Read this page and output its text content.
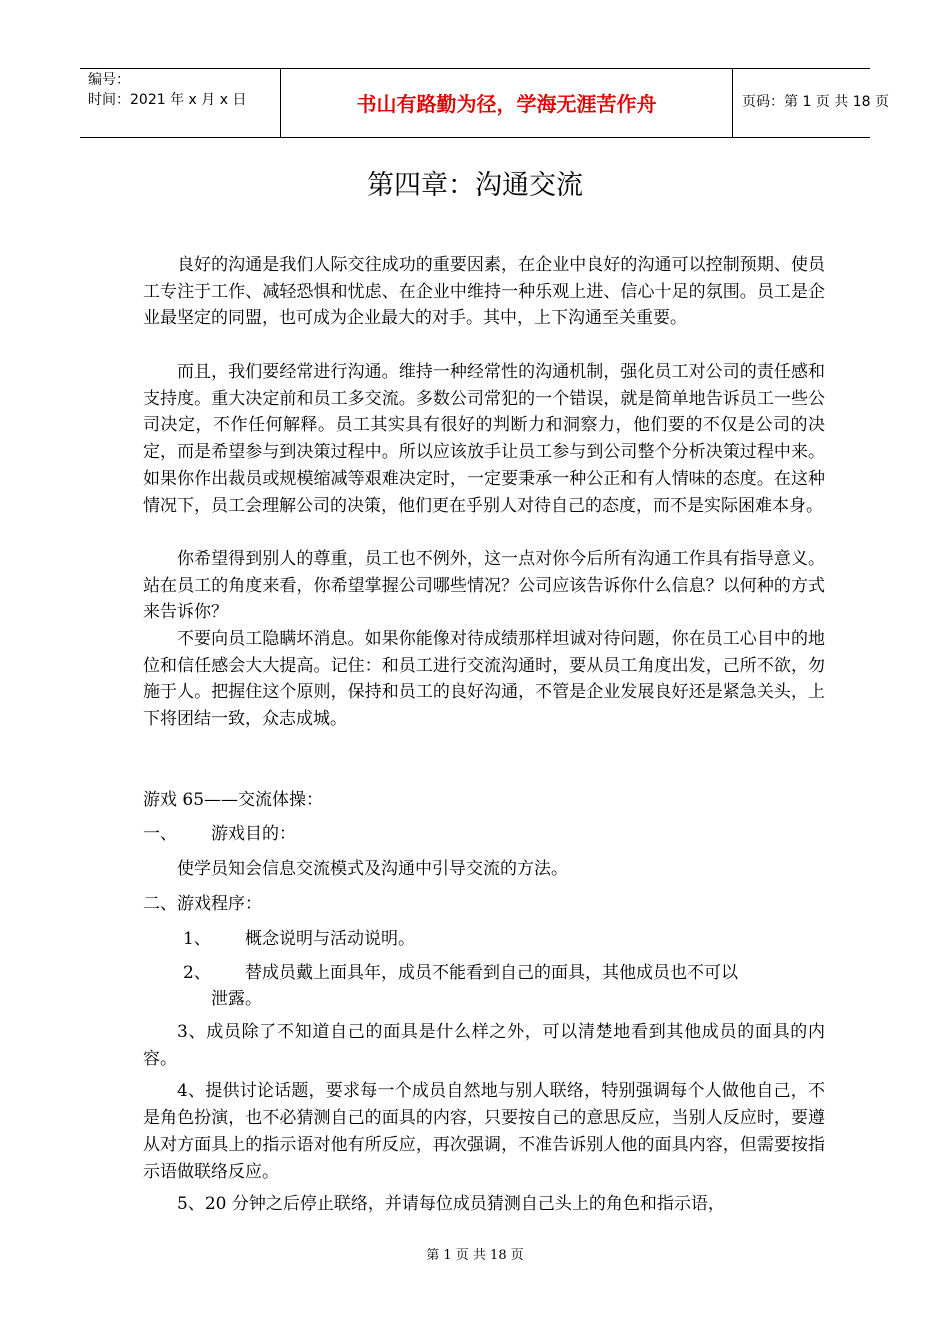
编号：
时间：2021 年 x 月 x 日	书山有路勤为径，学海无涯苦作舟	页码：第 1 页 共 18 页
第四章：沟通交流

良好的沟通是我们人际交往成功的重要因素，在企业中良好的沟通可以控制预期、使员工专注于工作、减轻恐惧和忧虑、在企业中维持一种乐观上进、信心十足的氛围。员工是企业最坚定的同盟，也可成为企业最大的对手。其中，上下沟通至关重要。

而且，我们要经常进行沟通。维持一种经常性的沟通机制，强化员工对公司的责任感和支持度。重大决定前和员工多交流。多数公司常犯的一个错误，就是简单地告诉员工一些公司决定，不作任何解释。员工其实具有很好的判断力和洞察力，他们要的不仅是公司的决定，而是希望参与到决策过程中。所以应该放手让员工参与到公司整个分析决策过程中来。如果你作出裁员或规模缩减等艰难决定时，一定要秉承一种公正和有人情味的态度。在这种情况下，员工会理解公司的决策，他们更在乎别人对待自己的态度，而不是实际困难本身。

你希望得到别人的尊重，员工也不例外，这一点对你今后所有沟通工作具有指导意义。站在员工的角度来看，你希望掌握公司哪些情况？公司应该告诉你什么信息？以何种的方式来告诉你？

不要向员工隐瞒坏消息。如果你能像对待成绩那样坦诚对待问题，你在员工心目中的地位和信任感会大大提高。记住：和员工进行交流沟通时，要从员工角度出发，己所不欲，勿施于人。把握住这个原则，保持和员工的良好沟通，不管是企业发展良好还是紧急关头，上下将团结一致，众志成城。

游戏 65——交流体操：
一、 游戏目的：
使学员知会信息交流模式及沟通中引导交流的方法。
二、游戏程序：
1、 概念说明与活动说明。
2、 替成员戴上面具年，成员不能看到自己的面具，其他成员也不可以
泄露。

3、成员除了不知道自己的面具是什么样之外，可以清楚地看到其他成员的面具的内容。

4、提供讨论话题，要求每一个成员自然地与别人联络，特别强调每个人做他自己，不是角色扮演，也不必猜测自己的面具的内容，只要按自己的意思反应，当别人反应时，要遵从对方面具上的指示语对他有所反应，再次强调，不准告诉别人他的面具内容，但需要按指示语做联络反应。

5、20 分钟之后停止联络，并请每位成员猜测自己头上的角色和指示语，

第 1 页 共 18 页
